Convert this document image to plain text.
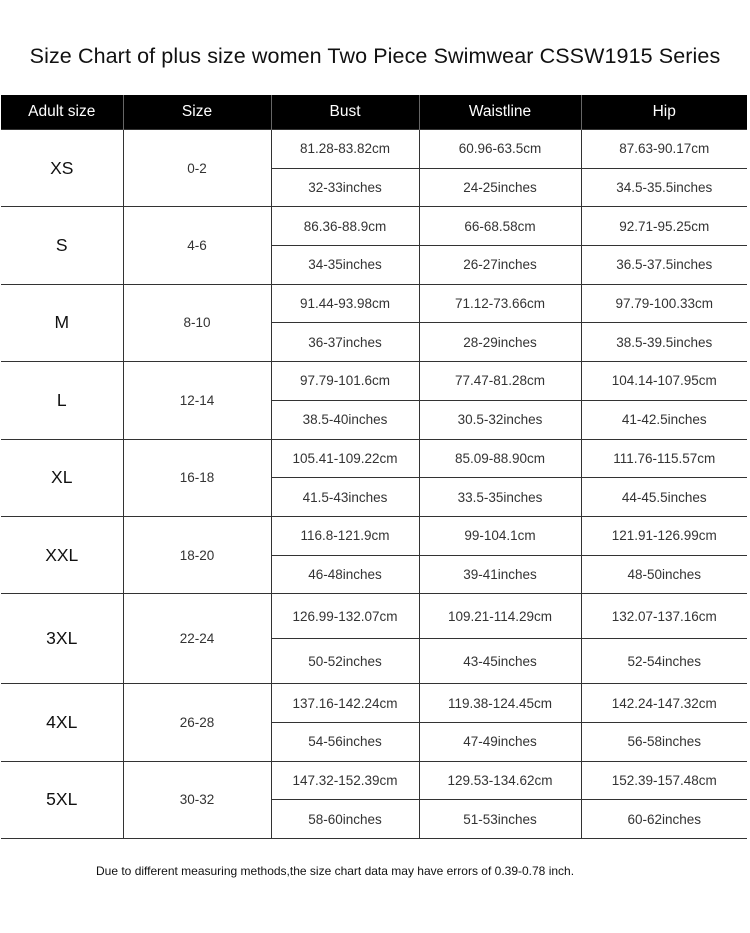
Size Chart of plus size women Two Piece Swimwear CSSW1915 Series
Adult size	Size	Bust	Waistline	Hip
XS	0-2	81.28-83.82cm	60.96-63.5cm	87.63-90.17cm
		32-33inches	24-25inches	34.5-35.5inches
S	4-6	86.36-88.9cm	66-68.58cm	92.71-95.25cm
		34-35inches	26-27inches	36.5-37.5inches
M	8-10	91.44-93.98cm	71.12-73.66cm	97.79-100.33cm
		36-37inches	28-29inches	38.5-39.5inches
L	12-14	97.79-101.6cm	77.47-81.28cm	104.14-107.95cm
		38.5-40inches	30.5-32inches	41-42.5inches
XL	16-18	105.41-109.22cm	85.09-88.90cm	111.76-115.57cm
		41.5-43inches	33.5-35inches	44-45.5inches
XXL	18-20	116.8-121.9cm	99-104.1cm	121.91-126.99cm
		46-48inches	39-41inches	48-50inches
3XL	22-24	126.99-132.07cm	109.21-114.29cm	132.07-137.16cm
		50-52inches	43-45inches	52-54inches
4XL	26-28	137.16-142.24cm	119.38-124.45cm	142.24-147.32cm
		54-56inches	47-49inches	56-58inches
5XL	30-32	147.32-152.39cm	129.53-134.62cm	152.39-157.48cm
		58-60inches	51-53inches	60-62inches
Due to different measuring methods,the size chart data may have errors of 0.39-0.78 inch.
